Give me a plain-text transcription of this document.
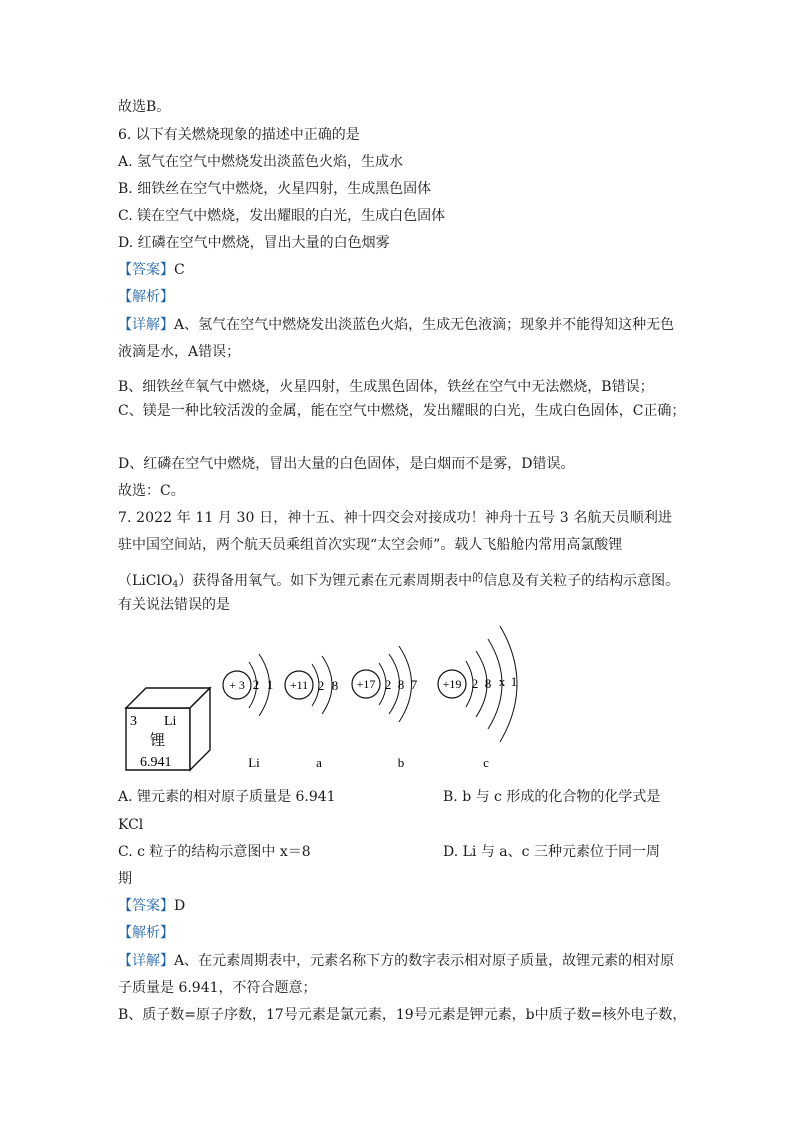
故选B。
6. 以下有关燃烧现象的描述中正确的是
A. 氢气在空气中燃烧发出淡蓝色火焰，生成水
B. 细铁丝在空气中燃烧，火星四射，生成黑色固体
C. 镁在空气中燃烧，发出耀眼的白光，生成白色固体
D. 红磷在空气中燃烧，冒出大量的白色烟雾
【答案】C
【解析】
【详解】A、氢气在空气中燃烧发出淡蓝色火焰，生成无色液滴；现象并不能得知这种无色
液滴是水，A错误；
B、细铁丝$^在$氧气中燃烧，火星四射，生成黑色固体，铁丝在空气中无法燃烧，B错误；
C、镁是一种比较活泼的金属，能在空气中燃烧，发出耀眼的白光，生成白色固体，C正确；
D、红磷在空气中燃烧，冒出大量的白色固体，是白烟而不是雾，D错误。
故选：C。
7. 2022 年 11 月 30 日，神十五、神十四交会对接成功！神舟十五号 3 名航天员顺利进
驻中国空间站，两个航天员乘组首次实现“太空会师”。载人飞船舱内常用高氯酸锂
（LiClO$_4$）获得备用氧气。如下为锂元素在元素周期表中$^的$信息及有关粒子的结构示意图。
有关说法错误的是
3 Li
锂
6.941
+ 3 2 1
Li
+11 2 8
a
+17 2 8 7
b
+19 2 8 x 1
c
A. 锂元素的相对原子质量是 6.941	B. b 与 c 形成的化合物的化学式是
KCl
C. c 粒子的结构示意图中 x＝8	D. Li 与 a、c 三种元素位于同一周
期
【答案】D
【解析】
【详解】A、在元素周期表中，元素名称下方的数字表示相对原子质量，故锂元素的相对原
子质量是 6.941，不符合题意；
B、质子数=原子序数，17号元素是氯元素，19号元素是钾元素，b中质子数=核外电子数，
